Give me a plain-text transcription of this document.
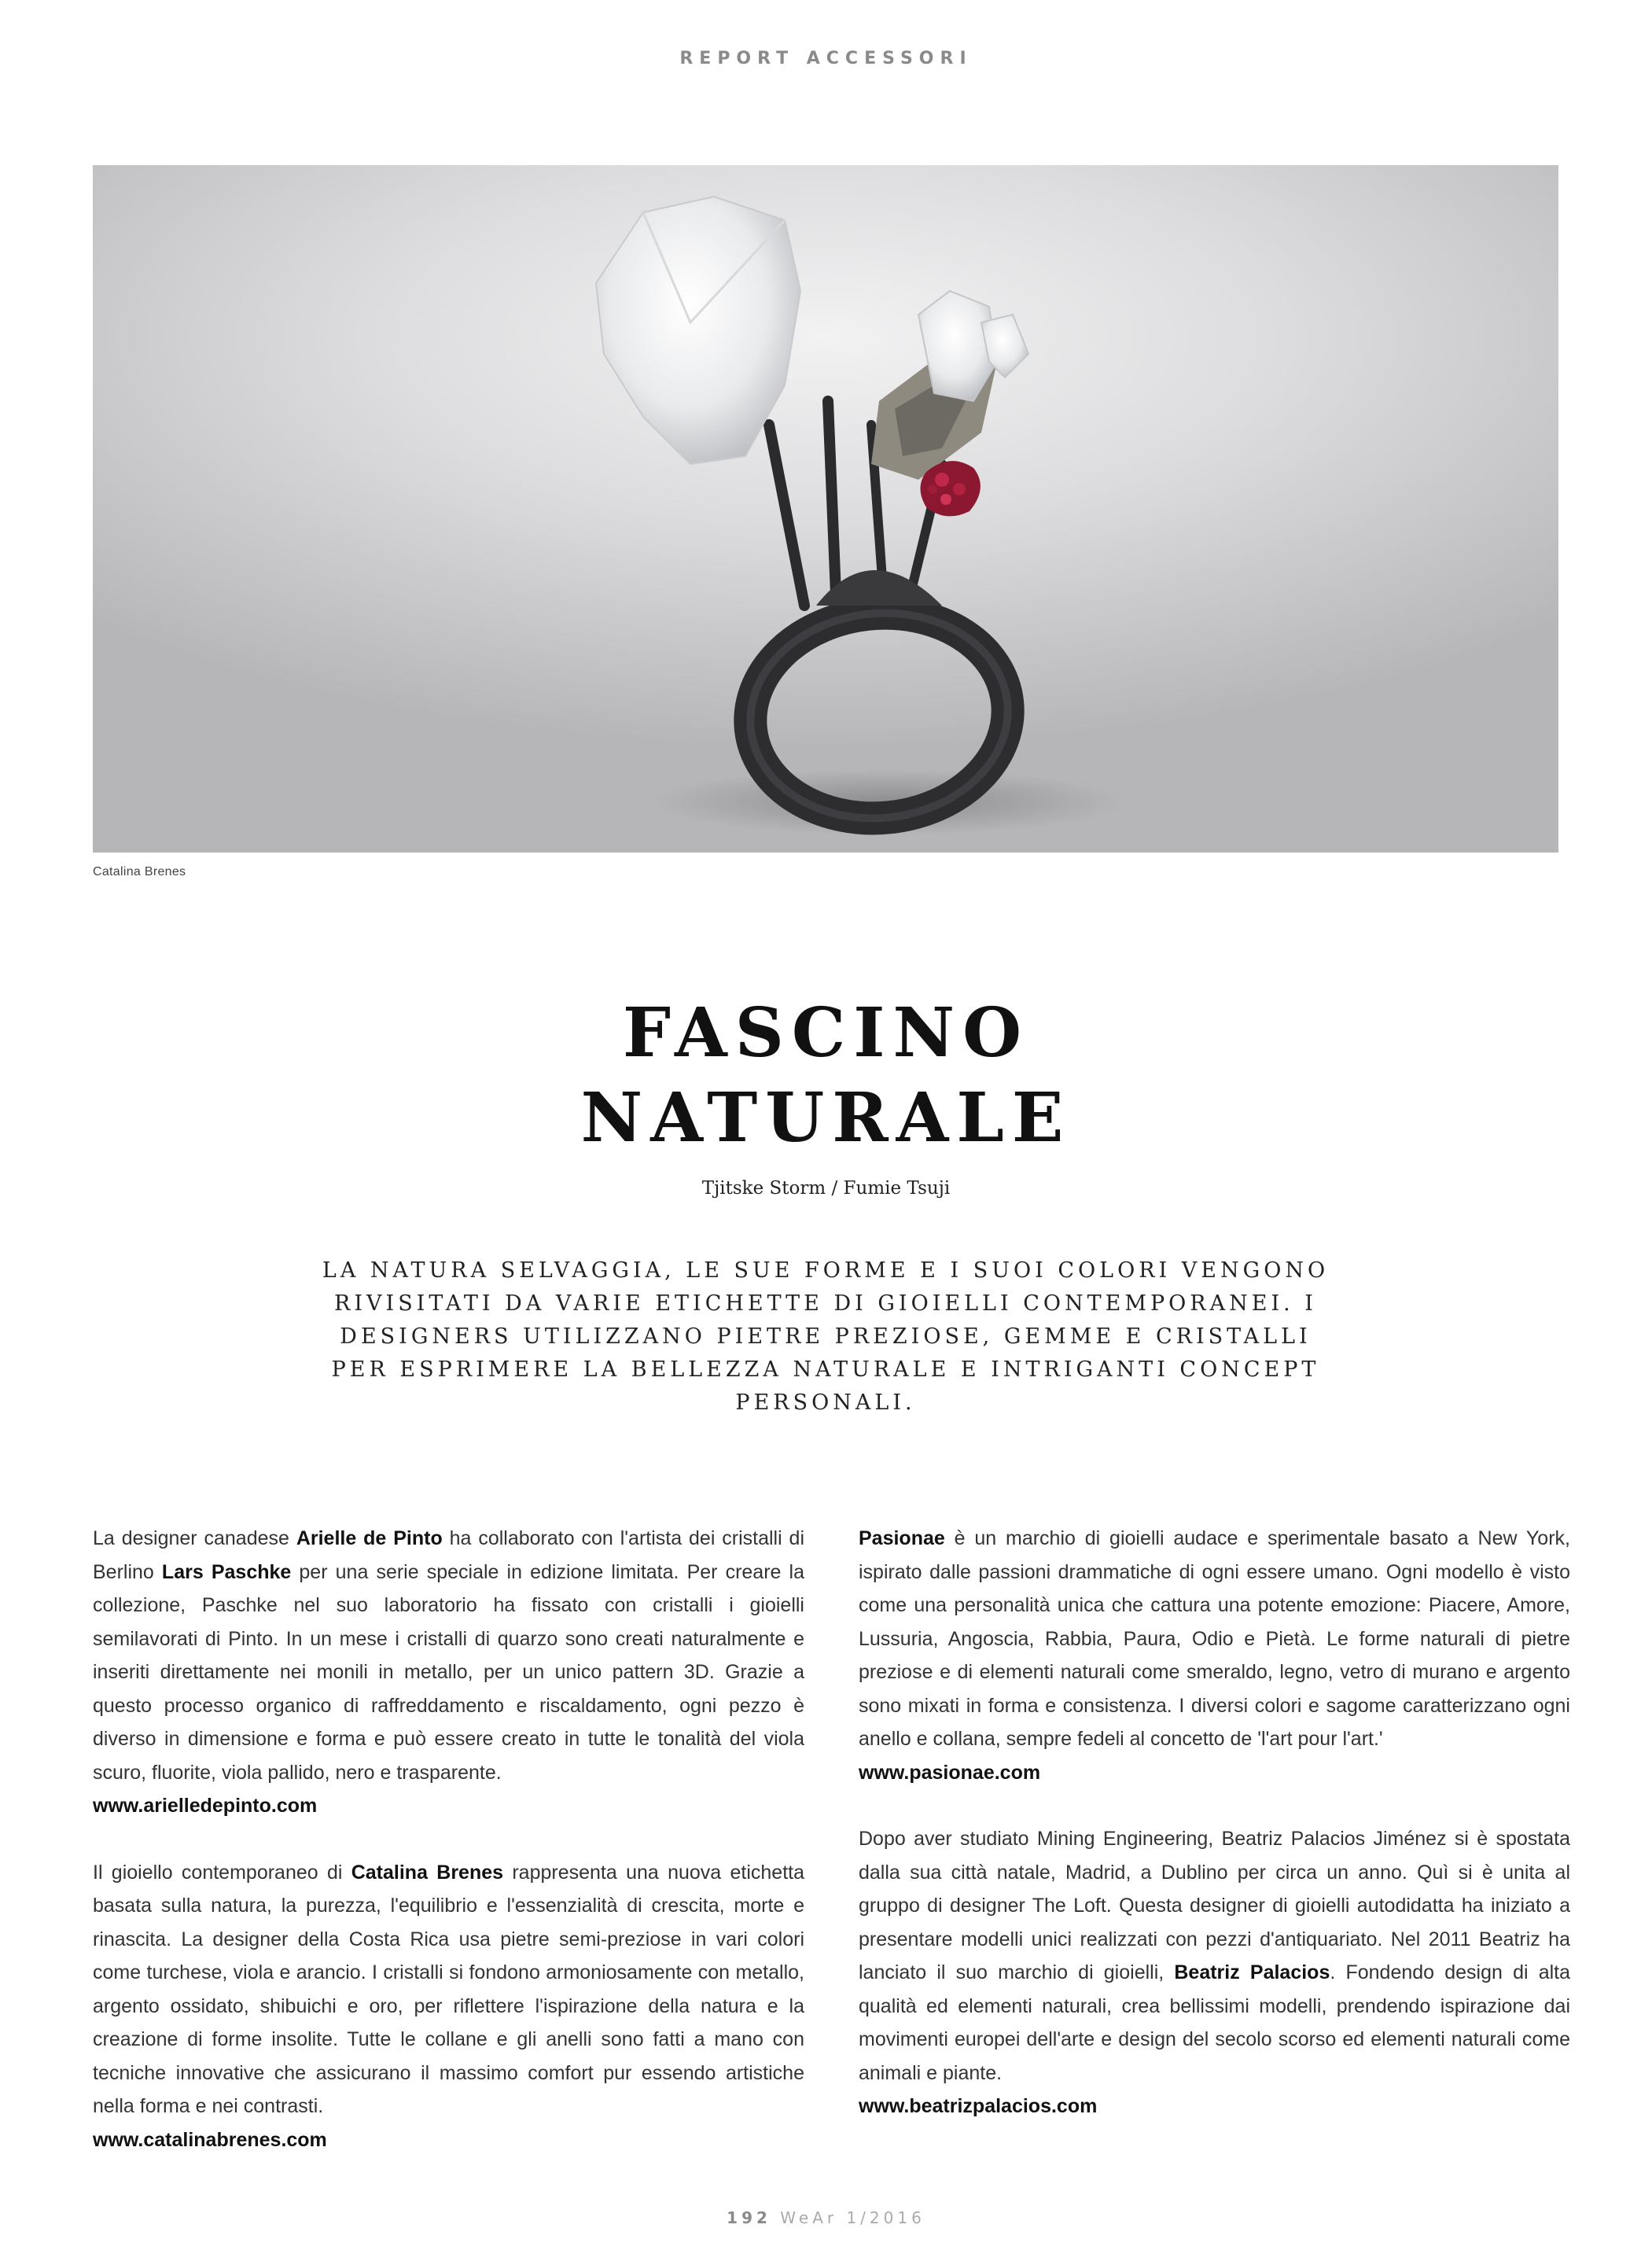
REPORT ACCESSORI
Catalina Brenes
FASCINO
NATURALE
Tjitske Storm / Fumie Tsuji
LA NATURA SELVAGGIA, LE SUE FORME E I SUOI COLORI VENGONO RIVISITATI DA VARIE ETICHETTE DI GIOIELLI CONTEMPORANEI. I DESIGNERS UTILIZZANO PIETRE PREZIOSE, GEMME E CRISTALLI PER ESPRIMERE LA BELLEZZA NATURALE E INTRIGANTI CONCEPT PERSONALI.

La designer canadese Arielle de Pinto ha collaborato con l'artista dei cristalli di Berlino Lars Paschke per una serie speciale in edizione limitata. Per creare la collezione, Paschke nel suo laboratorio ha fissato con cristalli i gioielli semilavorati di Pinto. In un mese i cristalli di quarzo sono creati naturalmente e inseriti direttamente nei monili in metallo, per un unico pattern 3D. Grazie a questo processo organico di raffreddamento e riscaldamento, ogni pezzo è diverso in dimensione e forma e può essere creato in tutte le tonalità del viola scuro, fluorite, viola pallido, nero e trasparente.
www.arielledepinto.com

Il gioiello contemporaneo di Catalina Brenes rappresenta una nuova etichetta basata sulla natura, la purezza, l'equilibrio e l'essenzialità di crescita, morte e rinascita. La designer della Costa Rica usa pietre semi-preziose in vari colori come turchese, viola e arancio. I cristalli si fondono armoniosamente con metallo, argento ossidato, shibuichi e oro, per riflettere l'ispirazione della natura e la creazione di forme insolite. Tutte le collane e gli anelli sono fatti a mano con tecniche innovative che assicurano il massimo comfort pur essendo artistiche nella forma e nei contrasti.
www.catalinabrenes.com

Pasionae è un marchio di gioielli audace e sperimentale basato a New York, ispirato dalle passioni drammatiche di ogni essere umano. Ogni modello è visto come una personalità unica che cattura una potente emozione: Piacere, Amore, Lussuria, Angoscia, Rabbia, Paura, Odio e Pietà. Le forme naturali di pietre preziose e di elementi naturali come smeraldo, legno, vetro di murano e argento sono mixati in forma e consistenza. I diversi colori e sagome caratterizzano ogni anello e collana, sempre fedeli al concetto de 'l'art pour l'art.'
www.pasionae.com

Dopo aver studiato Mining Engineering, Beatriz Palacios Jiménez si è spostata dalla sua città natale, Madrid, a Dublino per circa un anno. Quì si è unita al gruppo di designer The Loft. Questa designer di gioielli autodidatta ha iniziato a presentare modelli unici realizzati con pezzi d'antiquariato. Nel 2011 Beatriz ha lanciato il suo marchio di gioielli, Beatriz Palacios. Fondendo design di alta qualità ed elementi naturali, crea bellissimi modelli, prendendo ispirazione dai movimenti europei dell'arte e design del secolo scorso ed elementi naturali come animali e piante.
www.beatrizpalacios.com

192 WeAr 1/2016
